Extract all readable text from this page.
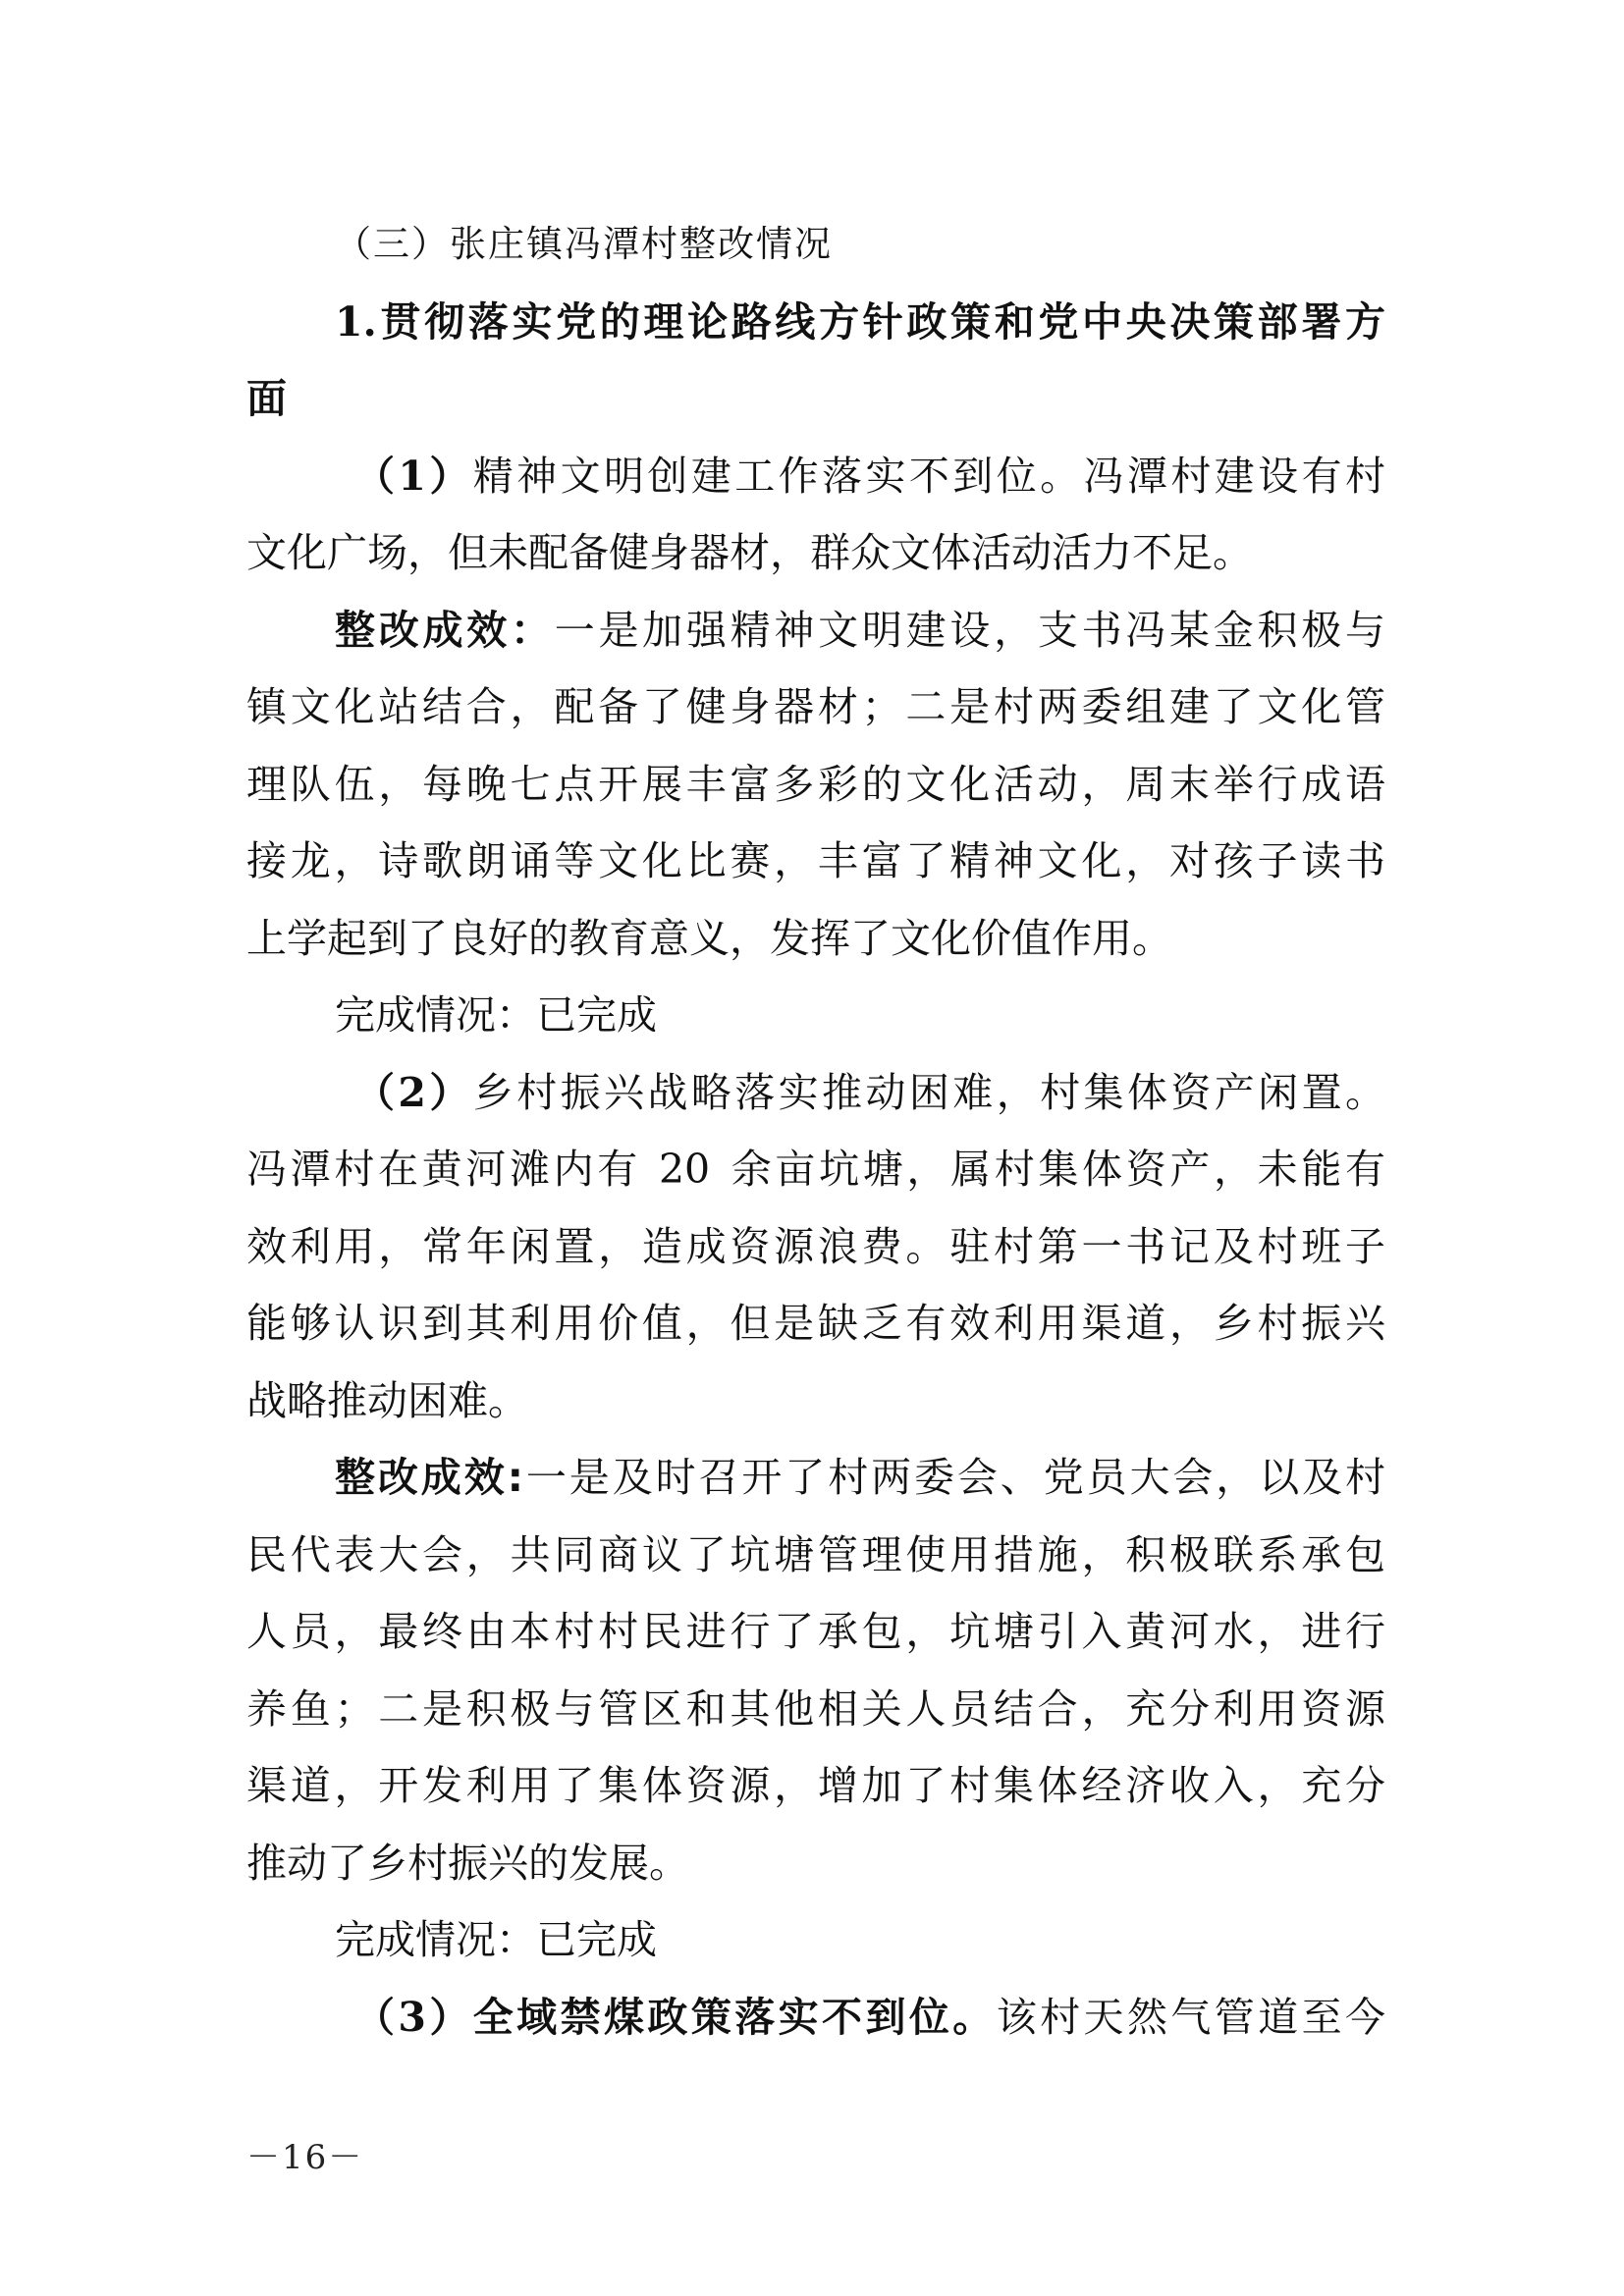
（三）张庄镇冯潭村整改情况
1.贯彻落实党的理论路线方针政策和党中央决策部署方
面
（1）精神文明创建工作落实不到位。冯潭村建设有村
文化广场，但未配备健身器材，群众文体活动活力不足。
整改成效：一是加强精神文明建设，支书冯某金积极与
镇文化站结合，配备了健身器材；二是村两委组建了文化管
理队伍，每晚七点开展丰富多彩的文化活动，周末举行成语
接龙，诗歌朗诵等文化比赛，丰富了精神文化，对孩子读书
上学起到了良好的教育意义，发挥了文化价值作用。
完成情况：已完成
（2）乡村振兴战略落实推动困难，村集体资产闲置。
冯潭村在黄河滩内有 20 余亩坑塘，属村集体资产，未能有
效利用，常年闲置，造成资源浪费。驻村第一书记及村班子
能够认识到其利用价值，但是缺乏有效利用渠道，乡村振兴
战略推动困难。
整改成效:一是及时召开了村两委会、党员大会，以及村
民代表大会，共同商议了坑塘管理使用措施，积极联系承包
人员，最终由本村村民进行了承包，坑塘引入黄河水，进行
养鱼；二是积极与管区和其他相关人员结合，充分利用资源
渠道，开发利用了集体资源，增加了村集体经济收入，充分
推动了乡村振兴的发展。
完成情况：已完成
（3）全域禁煤政策落实不到位。该村天然气管道至今
－16－
